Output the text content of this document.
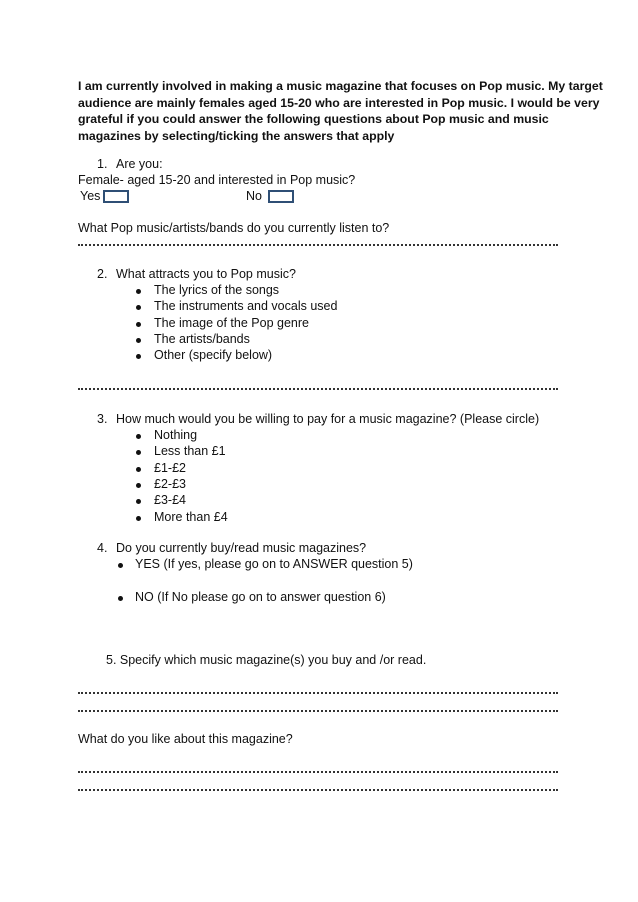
I am currently involved in making a music magazine that focuses on Pop music. My target
audience are mainly females aged 15-20 who are interested in Pop music. I would be very
grateful if you could answer the following questions about Pop music and music
magazines by selecting/ticking the answers that apply
1. Are you:
Female- aged 15-20 and interested in Pop music?
Yes	No
What Pop music/artists/bands do you currently listen to?
2. What attracts you to Pop music?
The lyrics of the songs
The instruments and vocals used
The image of the Pop genre
The artists/bands
Other (specify below)
3. How much would you be willing to pay for a music magazine? (Please circle)
Nothing
Less than £1
£1-£2
£2-£3
£3-£4
More than £4
4. Do you currently buy/read music magazines?
YES (If yes, please go on to ANSWER question 5)
NO (If No please go on to answer question 6)
5. Specify which music magazine(s) you buy and /or read.
What do you like about this magazine?
